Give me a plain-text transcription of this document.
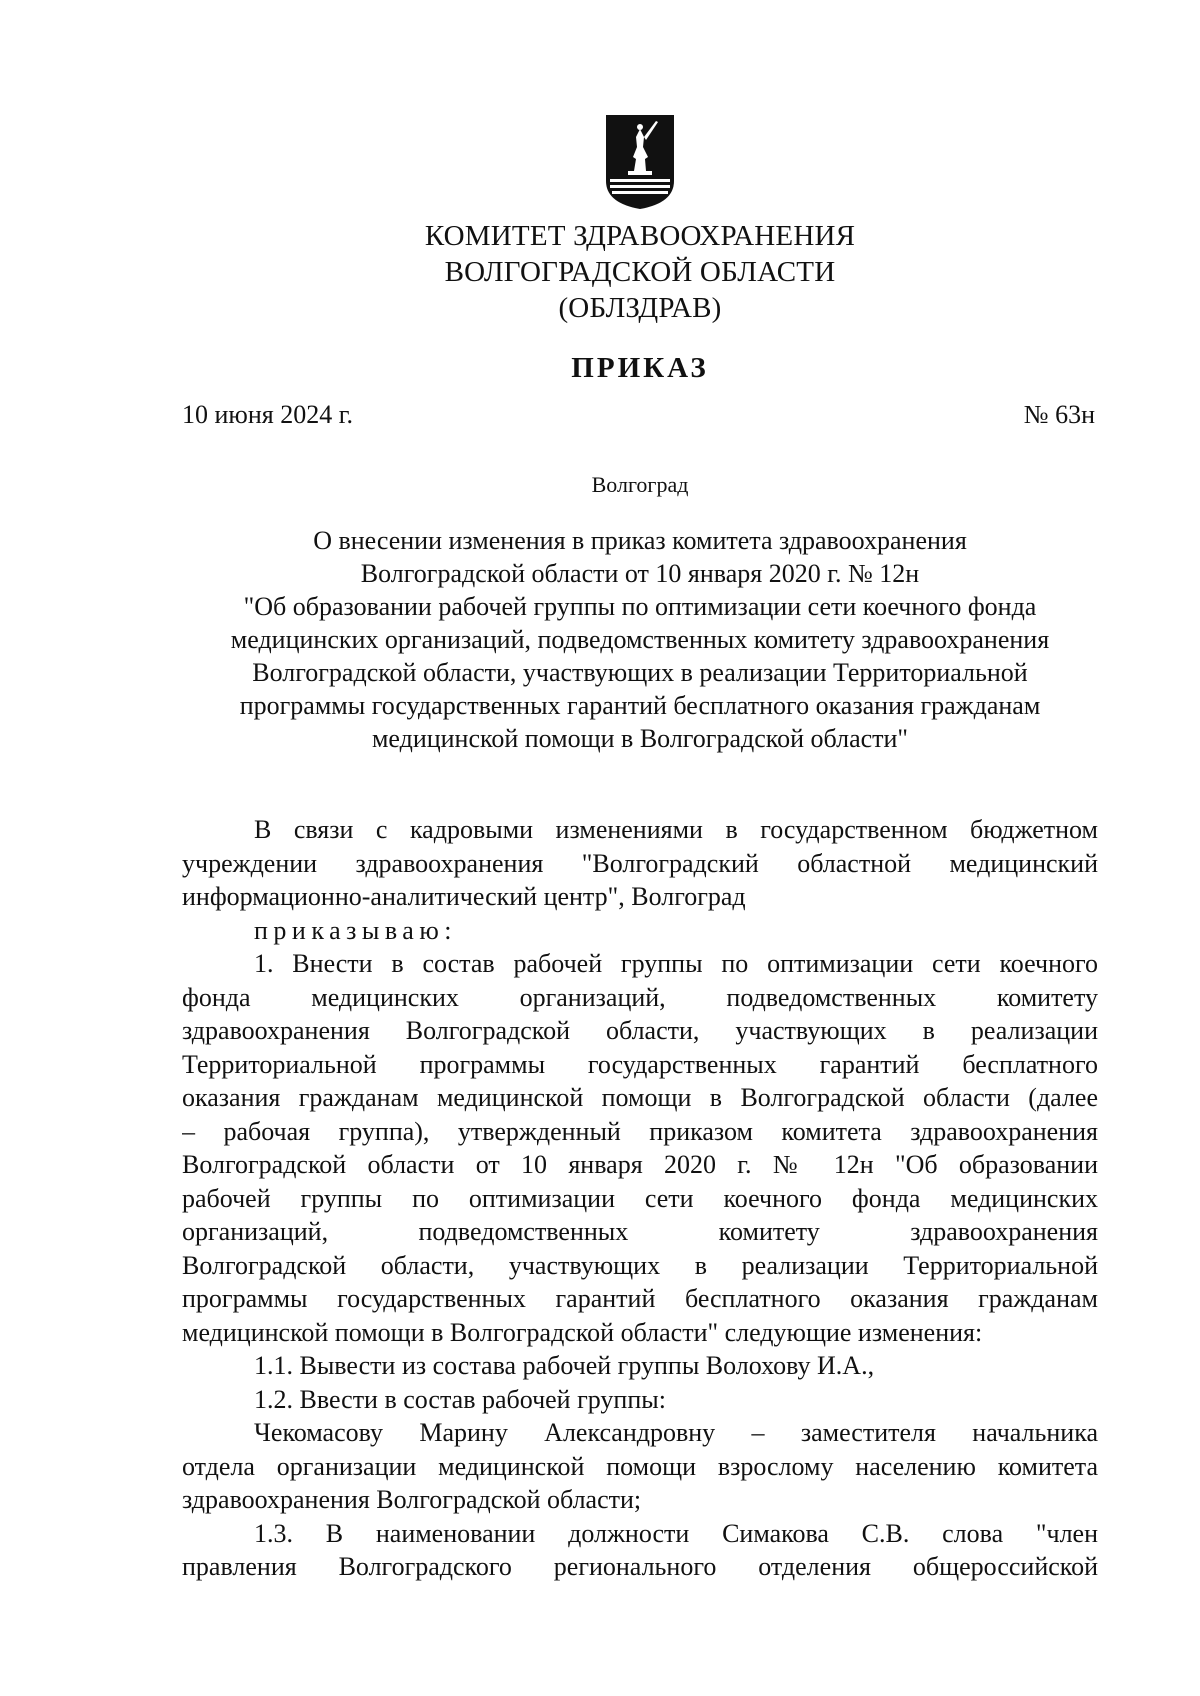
КОМИТЕТ ЗДРАВООХРАНЕНИЯ
ВОЛГОГРАДСКОЙ ОБЛАСТИ
(ОБЛЗДРАВ)
ПРИКАЗ
10 июня 2024 г.	№ 63н
Волгоград
О внесении изменения в приказ комитета здравоохранения
Волгоградской области от 10 января 2020 г. № 12н
"Об образовании рабочей группы по оптимизации сети коечного фонда
медицинских организаций, подведомственных комитету здравоохранения
Волгоградской области, участвующих в реализации Территориальной
программы государственных гарантий бесплатного оказания гражданам
медицинской помощи в Волгоградской области"
В связи с кадровыми изменениями в государственном бюджетном
учреждении здравоохранения "Волгоградский областной медицинский
информационно-аналитический центр", Волгоград
приказываю:
1. Внести в состав рабочей группы по оптимизации сети коечного
фонда медицинских организаций, подведомственных комитету
здравоохранения Волгоградской области, участвующих в реализации
Территориальной программы государственных гарантий бесплатного
оказания гражданам медицинской помощи в Волгоградской области (далее
– рабочая группа), утвержденный приказом комитета здравоохранения
Волгоградской области от 10 января 2020 г. № 12н "Об образовании
рабочей группы по оптимизации сети коечного фонда медицинских
организаций, подведомственных комитету здравоохранения
Волгоградской области, участвующих в реализации Территориальной
программы государственных гарантий бесплатного оказания гражданам
медицинской помощи в Волгоградской области" следующие изменения:
1.1. Вывести из состава рабочей группы Волохову И.А.,
1.2. Ввести в состав рабочей группы:
Чекомасову Марину Александровну – заместителя начальника
отдела организации медицинской помощи взрослому населению комитета
здравоохранения Волгоградской области;
1.3. В наименовании должности Симакова С.В. слова "член
правления Волгоградского регионального отделения общероссийской
